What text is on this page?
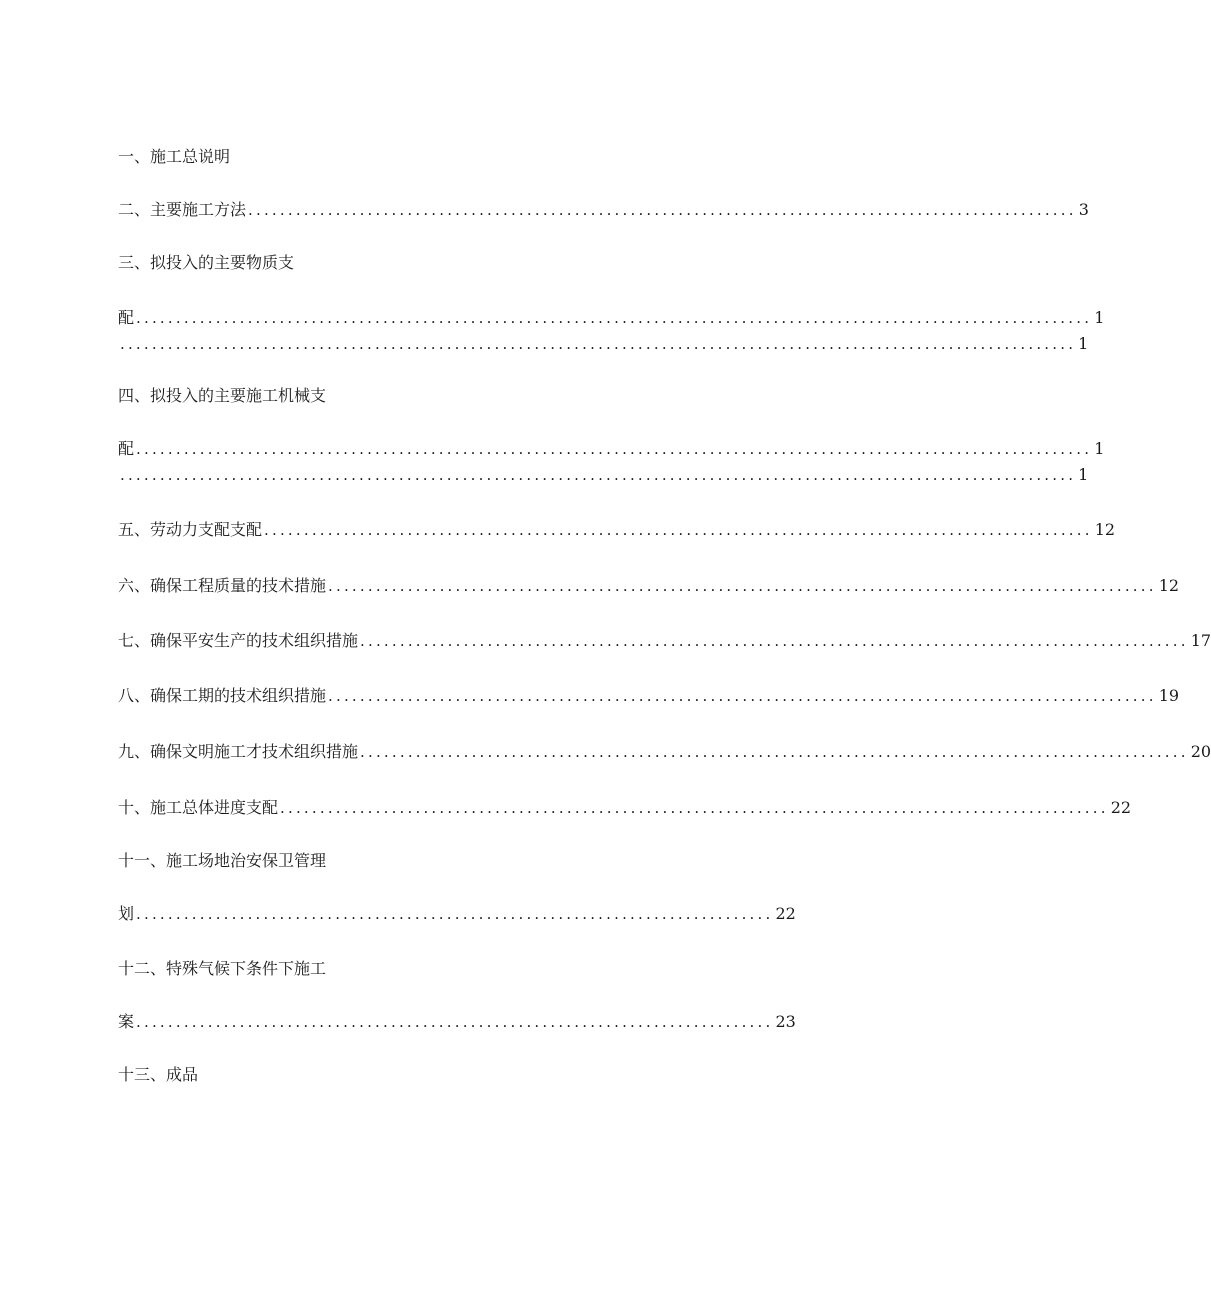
一、施工总说明
二、主要施工方法 ........................................................................................................ 3
三、拟投入的主要物质支
配 ........................................................................................................................ 1
........................................................................................................................ 1
四、拟投入的主要施工机械支
配 ........................................................................................................................ 1
........................................................................................................................ 1
五、劳动力支配支配 ........................................................................................................ 12
六、确保工程质量的技术措施 ........................................................................................................ 12
七、确保平安生产的技术组织措施 ........................................................................................................ 17
八、确保工期的技术组织措施 ........................................................................................................ 19
九、确保文明施工才技术组织措施 ........................................................................................................ 20
十、施工总体进度支配 ........................................................................................................ 22
十一、施工场地治安保卫管理
划 ................................................................................ 22
十二、特殊气候下条件下施工
案 ................................................................................ 23
十三、成品
